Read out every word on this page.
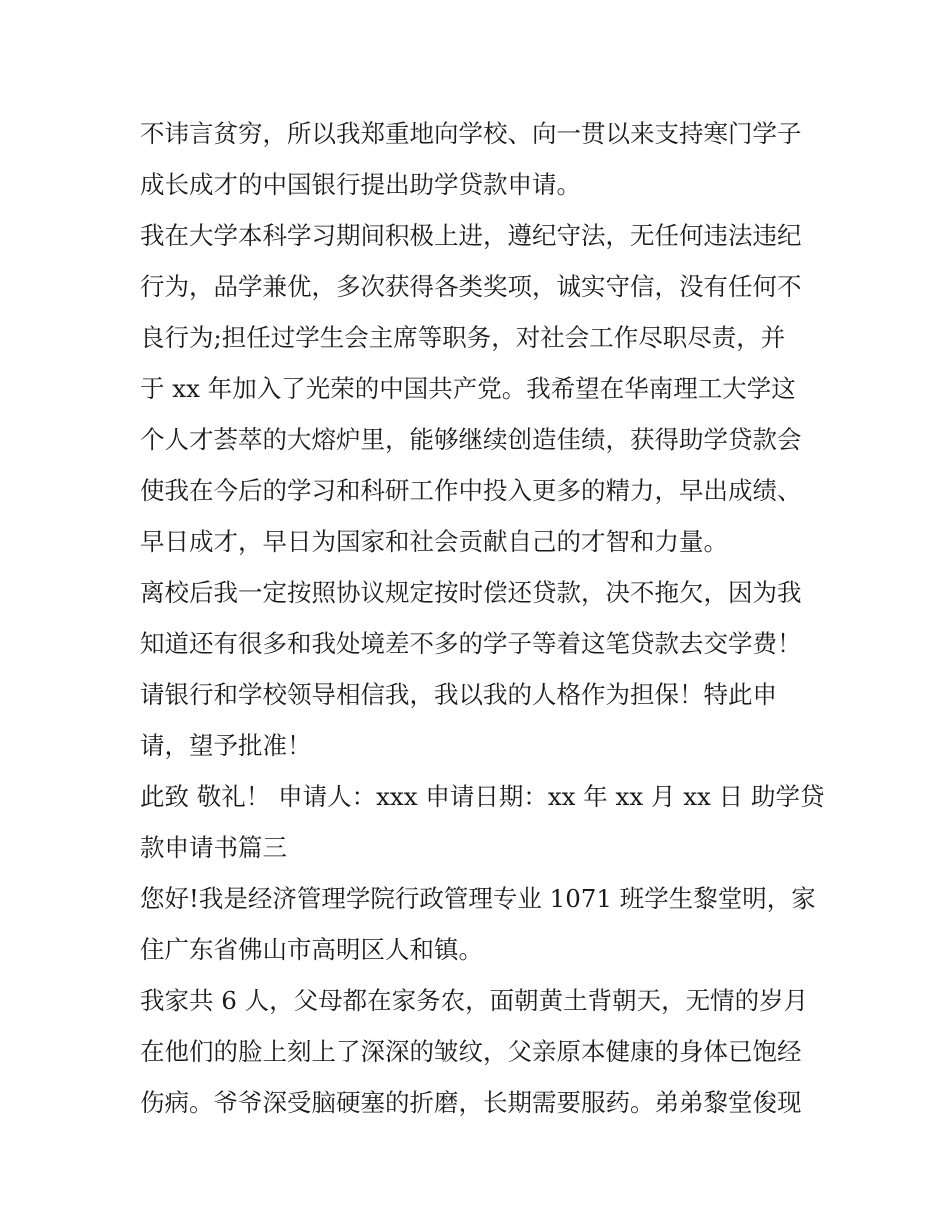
不讳言贫穷，所以我郑重地向学校、向一贯以来支持寒门学子
成长成才的中国银行提出助学贷款申请。
我在大学本科学习期间积极上进，遵纪守法，无任何违法违纪
行为，品学兼优，多次获得各类奖项，诚实守信，没有任何不
良行为;担任过学生会主席等职务，对社会工作尽职尽责，并
于 xx 年加入了光荣的中国共产党。我希望在华南理工大学这
个人才荟萃的大熔炉里，能够继续创造佳绩，获得助学贷款会
使我在今后的学习和科研工作中投入更多的精力，早出成绩、
早日成才，早日为国家和社会贡献自己的才智和力量。
离校后我一定按照协议规定按时偿还贷款，决不拖欠，因为我
知道还有很多和我处境差不多的学子等着这笔贷款去交学费！
请银行和学校领导相信我，我以我的人格作为担保！特此申
请，望予批准！
此致 敬礼！ 申请人：xxx 申请日期：xx 年 xx 月 xx 日 助学贷
款申请书篇三
您好!我是经济管理学院行政管理专业 1071 班学生黎堂明，家
住广东省佛山市高明区人和镇。
我家共 6 人，父母都在家务农，面朝黄土背朝天，无情的岁月
在他们的脸上刻上了深深的皱纹，父亲原本健康的身体已饱经
伤病。爷爷深受脑硬塞的折磨，长期需要服药。弟弟黎堂俊现
